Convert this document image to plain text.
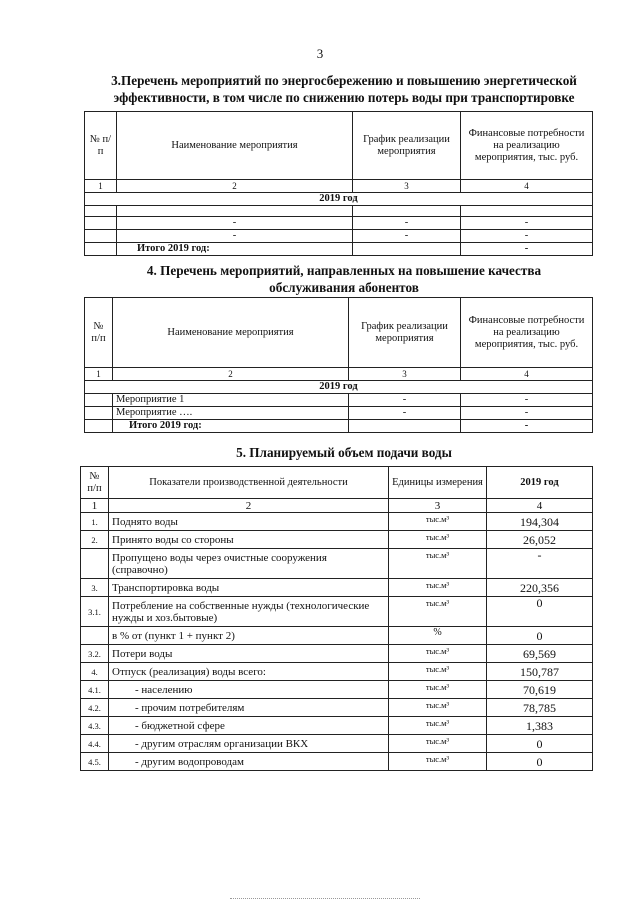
3
3.Перечень мероприятий по энергосбережению и повышению энергетической
эффективности, в том числе по снижению потерь воды при транспортировке
№ п/п	Наименование мероприятия	График реализации мероприятия	Финансовые потребности на реализацию мероприятия, тыс. руб.
1	2	3	4
2019 год			

	-	-	-
	-	-	-
	Итого 2019 год:		-
4. Перечень мероприятий, направленных на повышение качества
обслуживания абонентов
№ п/п	Наименование мероприятия	График реализации мероприятия	Финансовые потребности на реализацию мероприятия, тыс. руб.
1	2	3	4
2019 год			
	Мероприятие 1	-	-
	Мероприятие ….	-	-
	Итого 2019 год:		-
5. Планируемый объем подачи воды
№ п/п	Показатели производственной деятельности	Единицы измерения	2019 год
1	2	3	4
1.	Поднято воды	тыс.м³	194,304
2.	Принято воды со стороны	тыс.м³	26,052
	Пропущено воды через очистные сооружения (справочно)	тыс.м³	-
3.	Транспортировка воды	тыс.м³	220,356
3.1.	Потребление на собственные нужды (технологические нужды и хоз.бытовые)	тыс.м³	0
	в % от (пункт 1 + пункт 2)	%	0
3.2.	Потери воды	тыс.м³	69,569
4.	Отпуск (реализация) воды всего:	тыс.м³	150,787
4.1.	- населению	тыс.м³	70,619
4.2.	- прочим потребителям	тыс.м³	78,785
4.3.	- бюджетной сфере	тыс.м³	1,383
4.4.	- другим отраслям организации ВКХ	тыс.м³	0
4.5.	- другим водопроводам	тыс.м³	0
